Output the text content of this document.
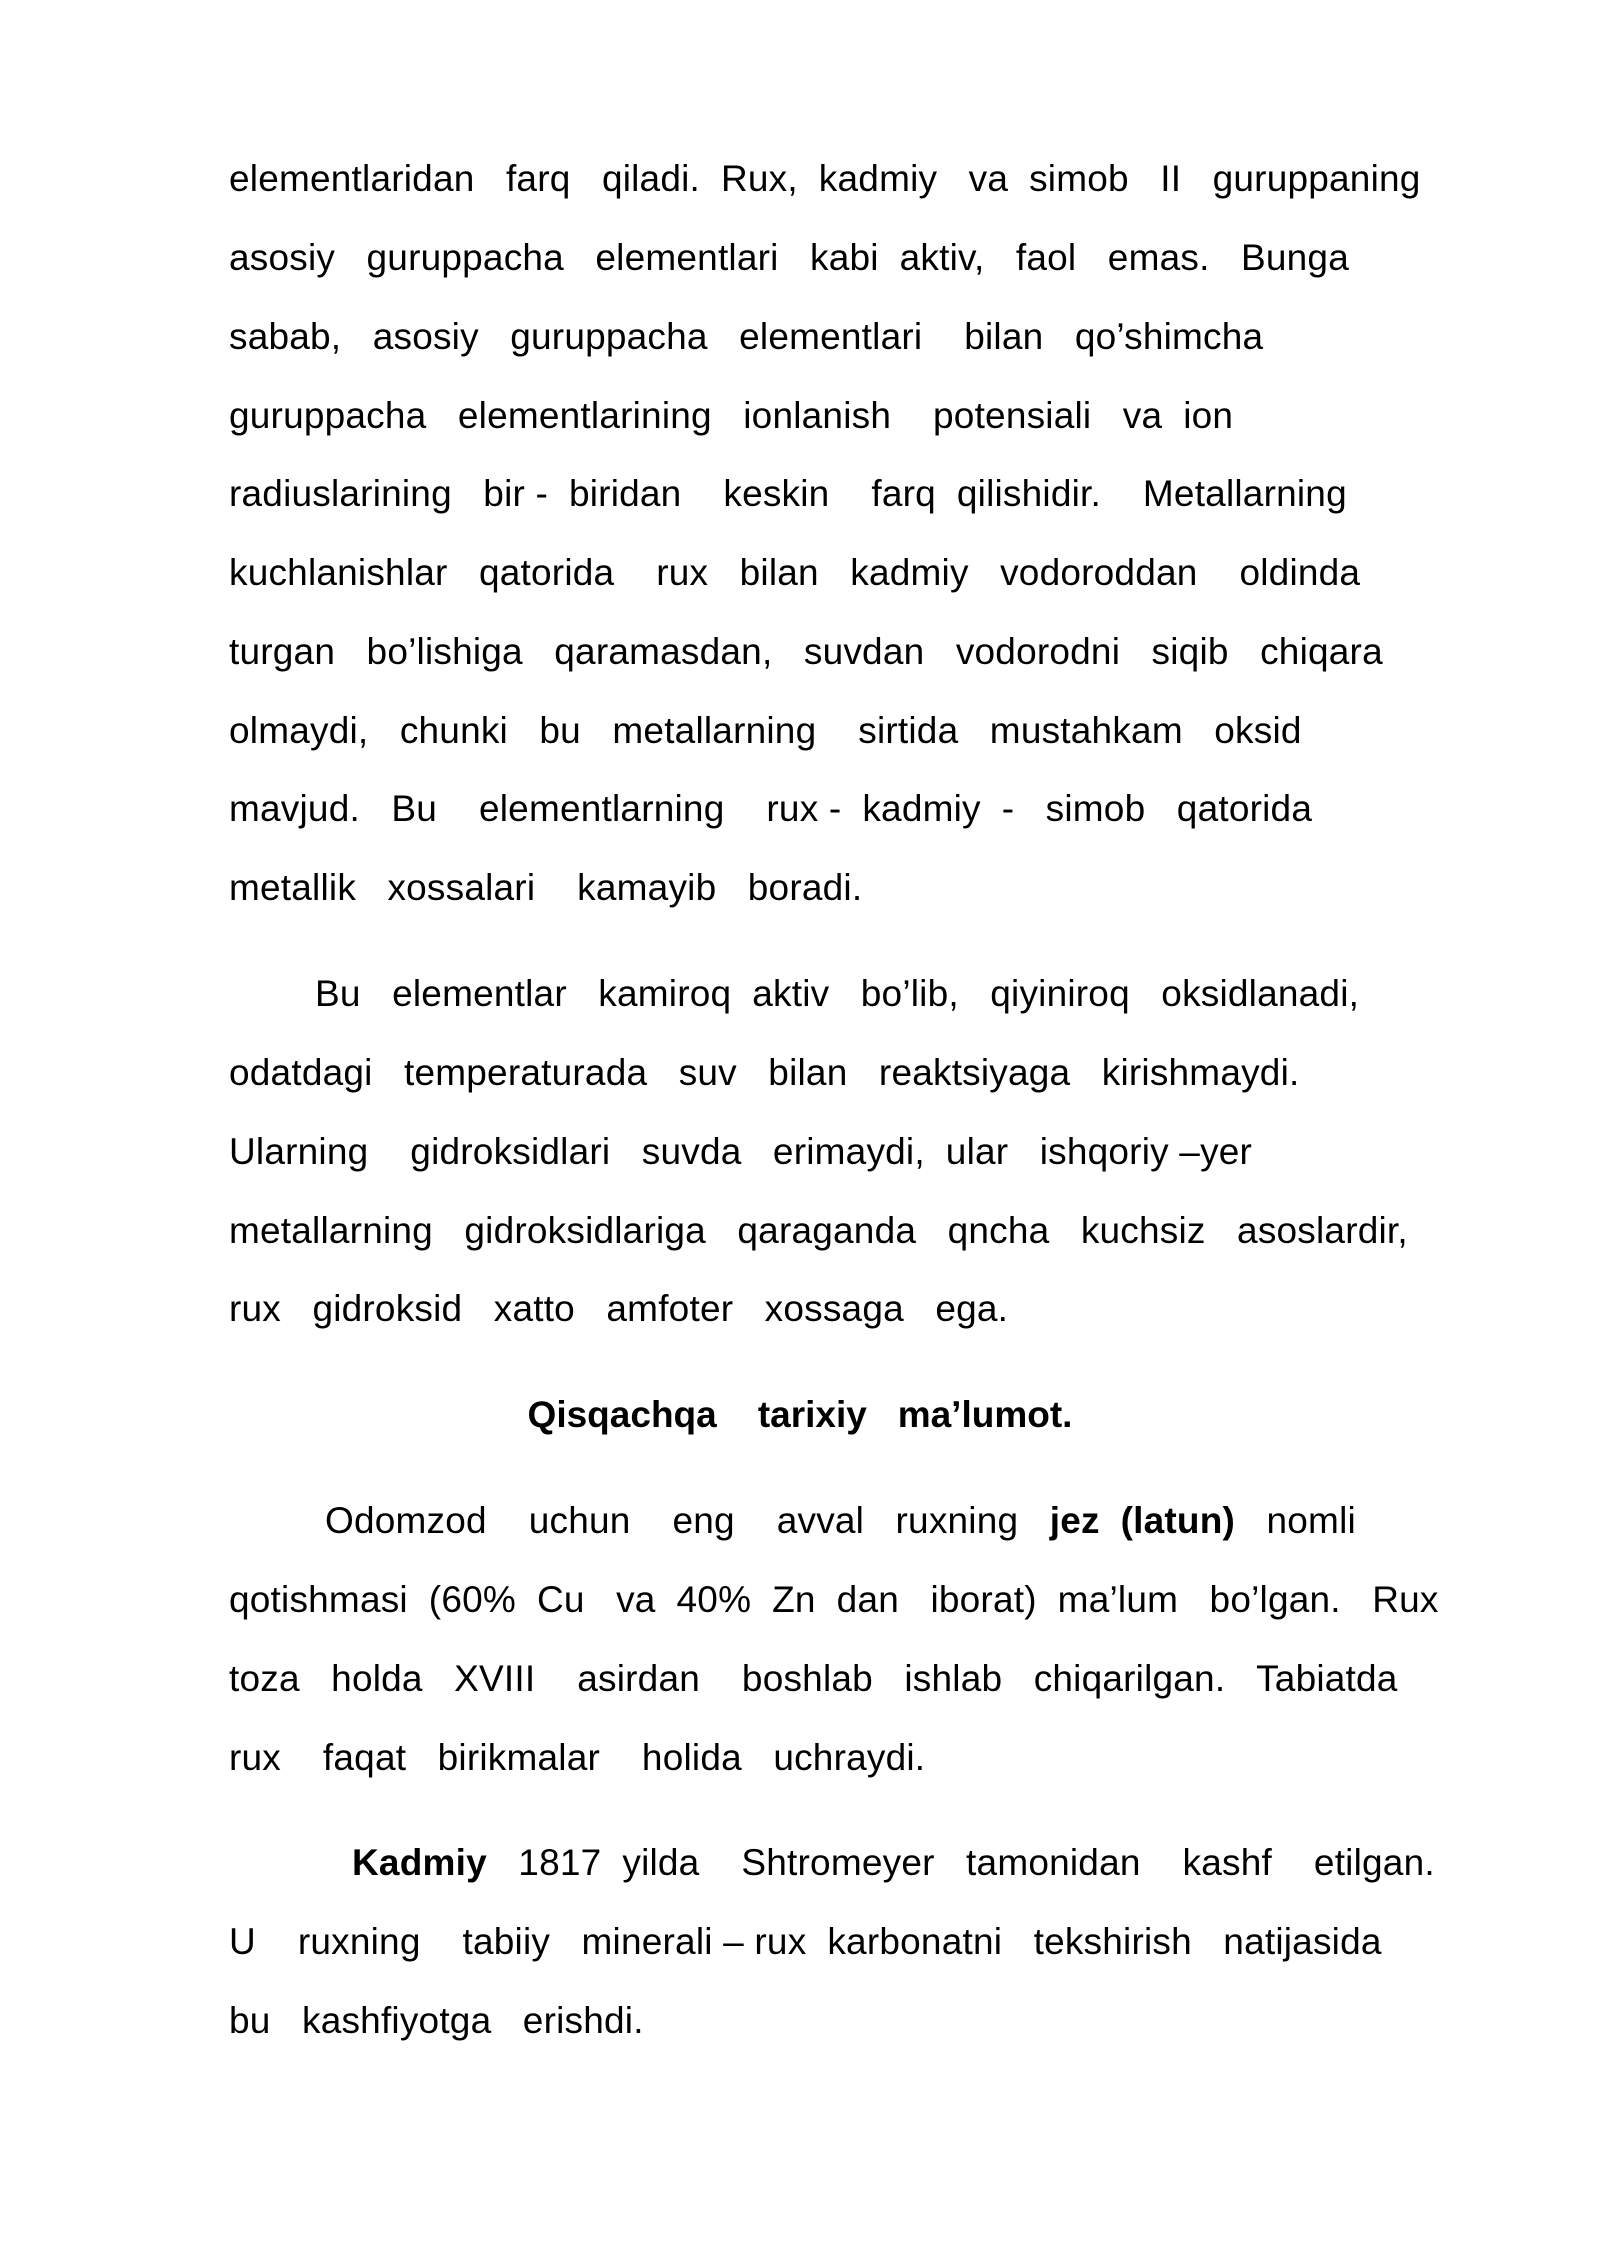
elementlaridan   farq   qiladi.  Rux,  kadmiy   va  simob   II   guruppaning
asosiy   guruppacha   elementlari   kabi  aktiv,   faol   emas.   Bunga
sabab,   asosiy   guruppacha   elementlari    bilan   qo’shimcha
guruppacha   elementlarining   ionlanish    potensiali   va  ion
radiuslarining   bir -  biridan    keskin    farq  qilishidir.    Metallarning
kuchlanishlar   qatorida    rux   bilan   kadmiy   vodoroddan    oldinda
turgan   bo’lishiga   qaramasdan,   suvdan   vodorodni   siqib   chiqara
olmaydi,   chunki   bu   metallarning    sirtida   mustahkam   oksid
mavjud.   Bu    elementlarning    rux -  kadmiy  -   simob   qatorida
metallik   xossalari    kamayib   boradi.
Bu   elementlar   kamiroq  aktiv   bo’lib,   qiyiniroq   oksidlanadi,
odatdagi   temperaturada   suv   bilan   reaktsiyaga   kirishmaydi.
Ularning    gidroksidlari   suvda   erimaydi,  ular   ishqoriy –yer
metallarning   gidroksidlariga   qaraganda   qncha   kuchsiz   asoslardir,
rux   gidroksid   xatto   amfoter   xossaga   ega.
Qisqachqa    tarixiy   ma’lumot.
Odomzod    uchun    eng    avval   ruxning   jez  (latun)   nomli
qotishmasi  (60%  Cu   va  40%  Zn  dan   iborat)  ma’lum   bo’lgan.   Rux
toza   holda   XVIII    asirdan    boshlab   ishlab   chiqarilgan.   Tabiatda
rux    faqat   birikmalar    holida   uchraydi.
Kadmiy   1817  yilda    Shtromeyer   tamonidan    kashf    etilgan.
U    ruxning    tabiiy   minerali – rux  karbonatni   tekshirish   natijasida
bu   kashfiyotga   erishdi.
